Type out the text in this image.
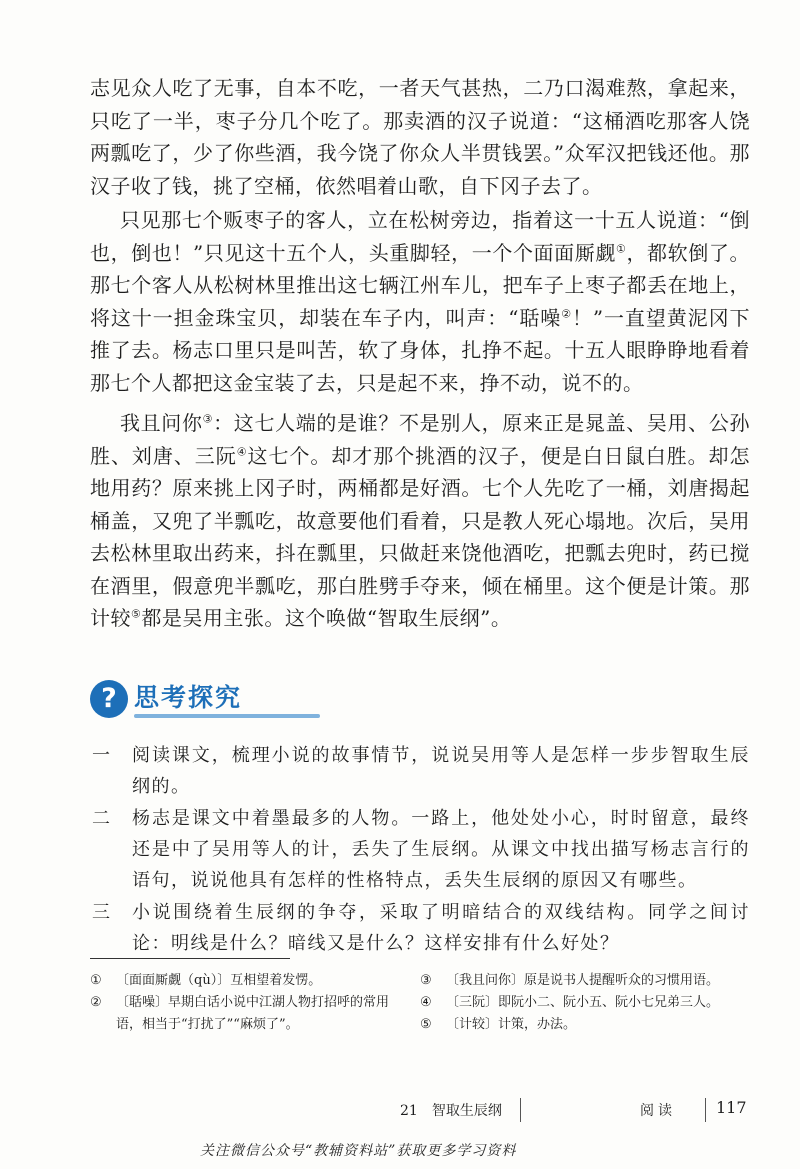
志见众人吃了无事，自本不吃，一者天气甚热，二乃口渴难熬，拿起来，只吃了一半，枣子分几个吃了。那卖酒的汉子说道：“这桶酒吃那客人饶两瓢吃了，少了你些酒，我今饶了你众人半贯钱罢。”众军汉把钱还他。那汉子收了钱，挑了空桶，依然唱着山歌，自下冈子去了。

只见那七个贩枣子的客人，立在松树旁边，指着这一十五人说道：“倒也，倒也！”只见这十五个人，头重脚轻，一个个面面厮觑①，都软倒了。那七个客人从松树林里推出这七辆江州车儿，把车子上枣子都丢在地上，将这十一担金珠宝贝，却装在车子内，叫声：“聒噪②！”一直望黄泥冈下推了去。杨志口里只是叫苦，软了身体，扎挣不起。十五人眼睁睁地看着那七个人都把这金宝装了去，只是起不来，挣不动，说不的。

我且问你③：这七人端的是谁？不是别人，原来正是晁盖、吴用、公孙胜、刘唐、三阮④这七个。却才那个挑酒的汉子，便是白日鼠白胜。却怎地用药？原来挑上冈子时，两桶都是好酒。七个人先吃了一桶，刘唐揭起桶盖，又兜了半瓢吃，故意要他们看着，只是教人死心塌地。次后，吴用去松林里取出药来，抖在瓢里，只做赶来饶他酒吃，把瓢去兜时，药已搅在酒里，假意兜半瓢吃，那白胜劈手夺来，倾在桶里。这个便是计策。那计较⑤都是吴用主张。这个唤做“智取生辰纲”。

? 思考探究
一 阅读课文，梳理小说的故事情节，说说吴用等人是怎样一步步智取生辰纲的。
二 杨志是课文中着墨最多的人物。一路上，他处处小心，时时留意，最终还是中了吴用等人的计，丢失了生辰纲。从课文中找出描写杨志言行的语句，说说他具有怎样的性格特点，丢失生辰纲的原因又有哪些。
三 小说围绕着生辰纲的争夺，采取了明暗结合的双线结构。同学之间讨论：明线是什么？暗线又是什么？这样安排有什么好处？
① 〔面面厮觑（qù）〕互相望着发愣。
② 〔聒噪〕早期白话小说中江湖人物打招呼的常用语，相当于“打扰了”“麻烦了”。
③ 〔我且问你〕原是说书人提醒听众的习惯用语。
④ 〔三阮〕即阮小二、阮小五、阮小七兄弟三人。
⑤ 〔计较〕计策，办法。
21　智取生辰纲	阅读	117
关注微信公众号“教辅资料站”获取更多学习资料
